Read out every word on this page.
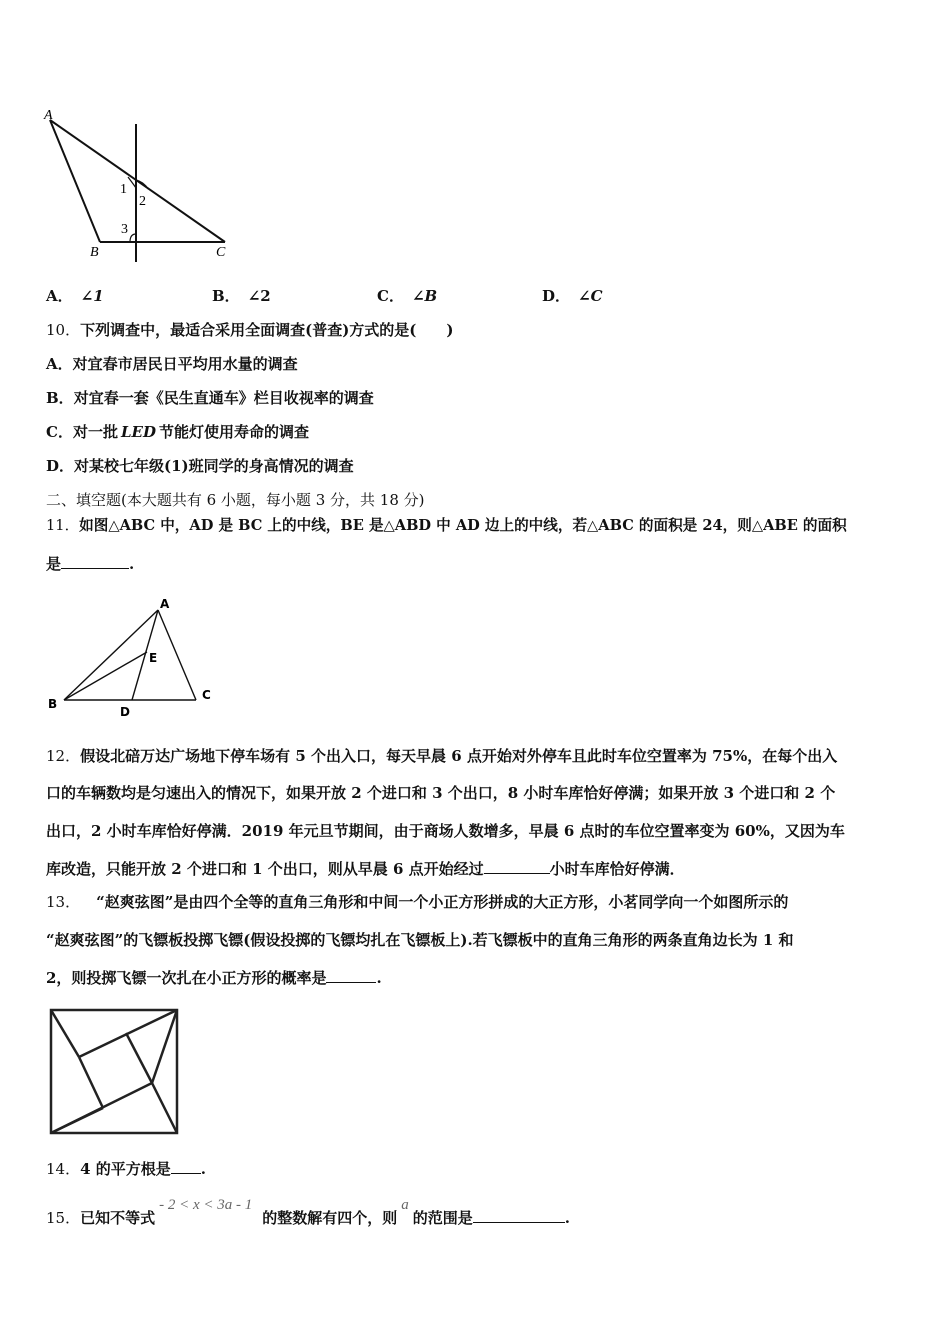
A
B	C
1
2
3
A． ∠1	B． ∠2	C． ∠B	D． ∠C
10．下列调查中，最适合采用全面调查(普查)方式的是(　　)
A．对宜春市居民日平均用水量的调查
B．对宜春一套《民生直通车》栏目收视率的调查
C．对一批 LED 节能灯使用寿命的调查
D．对某校七年级(1)班同学的身高情况的调查
二、填空题(本大题共有 6 小题，每小题 3 分，共 18 分)
11．如图△ABC 中，AD 是 BC 上的中线，BE 是△ABD 中 AD 边上的中线，若△ABC 的面积是 24，则△ABE 的面积
是	.
A
B
C
D
E
12．假设北碚万达广场地下停车场有 5 个出入口，每天早晨 6 点开始对外停车且此时车位空置率为 75%，在每个出入
口的车辆数均是匀速出入的情况下，如果开放 2 个进口和 3 个出口，8 小时车库恰好停满；如果开放 3 个进口和 2 个
出口，2 小时车库恰好停满．2019 年元旦节期间，由于商场人数增多，早晨 6 点时的车位空置率变为 60%，又因为车
库改造，只能开放 2 个进口和 1 个出口，则从早晨 6 点开始经过	小时车库恰好停满．
13． “赵爽弦图”是由四个全等的直角三角形和中间一个小正方形拼成的大正方形，小茗同学向一个如图所示的
“赵爽弦图”的飞镖板投掷飞镖(假设投掷的飞镖均扎在飞镖板上).若飞镖板中的直角三角形的两条直角边长为 1 和
2，则投掷飞镖一次扎在小正方形的概率是	.
14．4 的平方根是 .
15．已知不等式- 2 < x < 3a - 1的整数解有四个，则a的范围是	.
